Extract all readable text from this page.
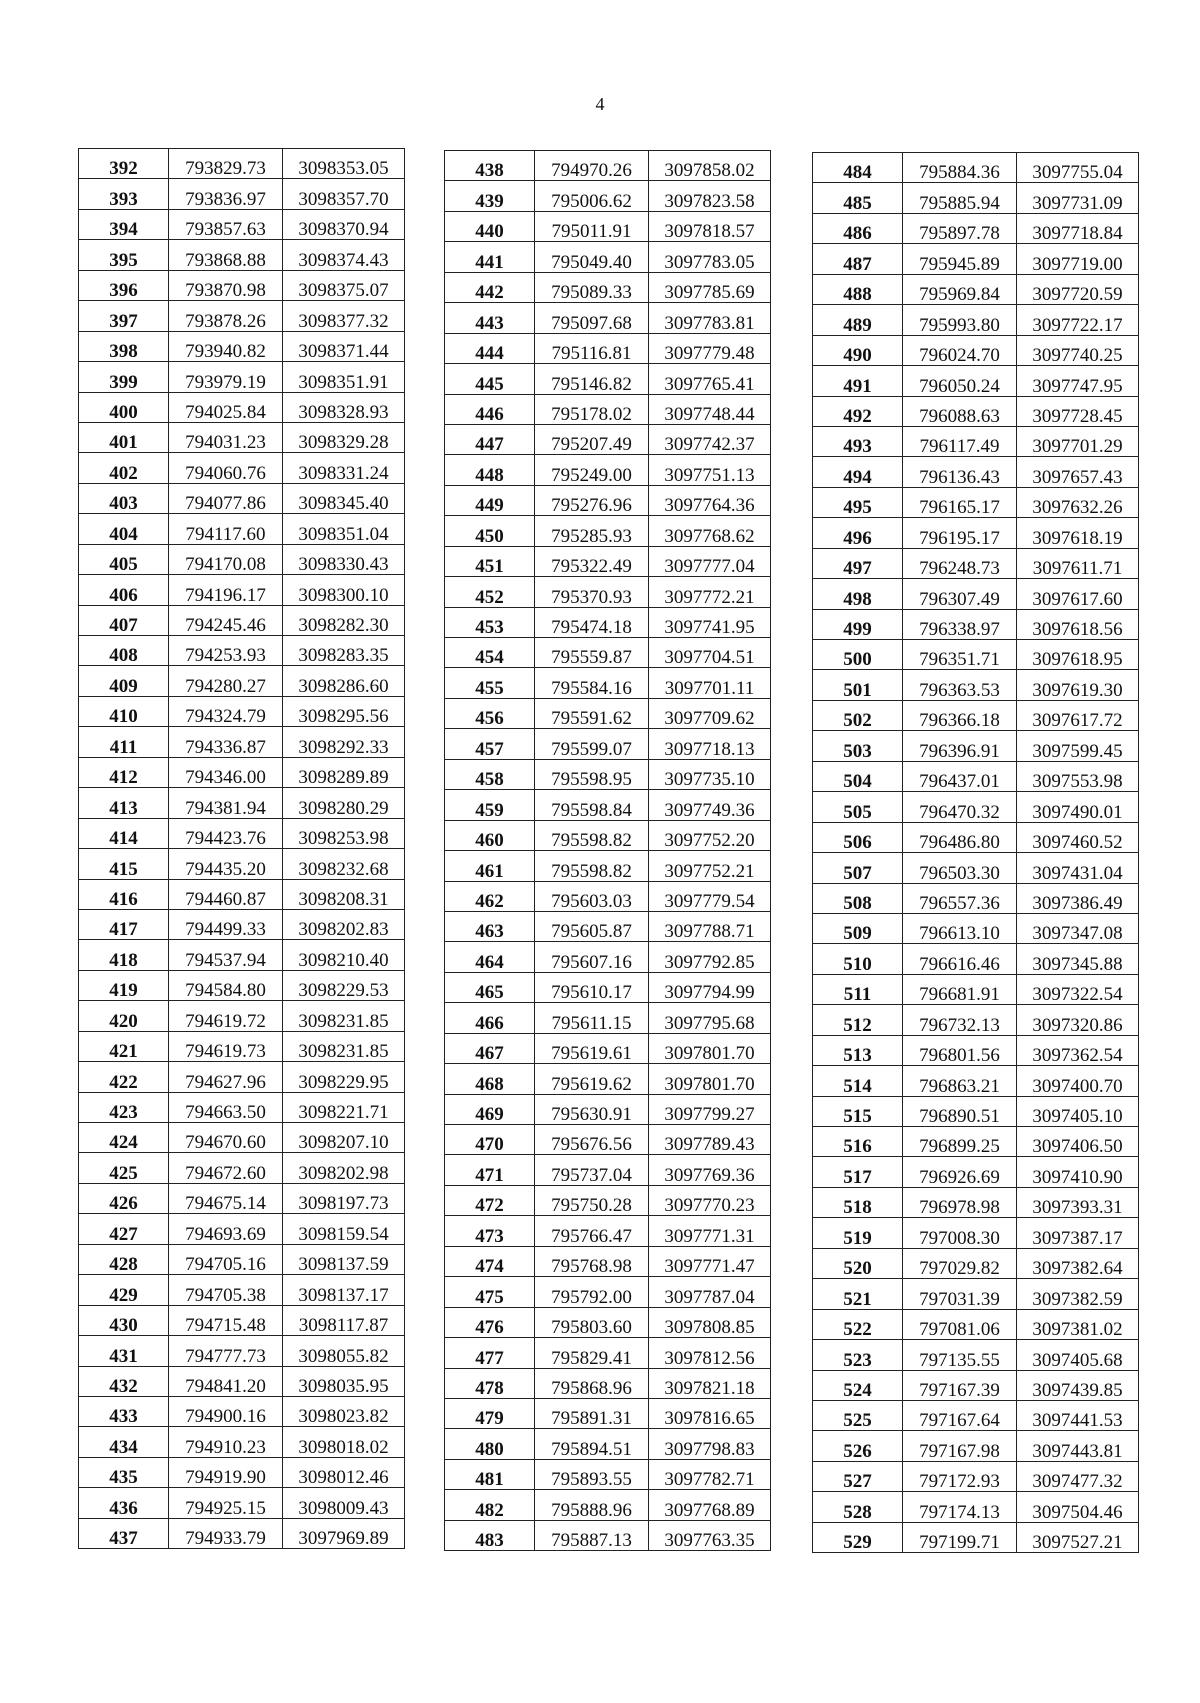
4
392	793829.73	3098353.05
393	793836.97	3098357.70
394	793857.63	3098370.94
395	793868.88	3098374.43
396	793870.98	3098375.07
397	793878.26	3098377.32
398	793940.82	3098371.44
399	793979.19	3098351.91
400	794025.84	3098328.93
401	794031.23	3098329.28
402	794060.76	3098331.24
403	794077.86	3098345.40
404	794117.60	3098351.04
405	794170.08	3098330.43
406	794196.17	3098300.10
407	794245.46	3098282.30
408	794253.93	3098283.35
409	794280.27	3098286.60
410	794324.79	3098295.56
411	794336.87	3098292.33
412	794346.00	3098289.89
413	794381.94	3098280.29
414	794423.76	3098253.98
415	794435.20	3098232.68
416	794460.87	3098208.31
417	794499.33	3098202.83
418	794537.94	3098210.40
419	794584.80	3098229.53
420	794619.72	3098231.85
421	794619.73	3098231.85
422	794627.96	3098229.95
423	794663.50	3098221.71
424	794670.60	3098207.10
425	794672.60	3098202.98
426	794675.14	3098197.73
427	794693.69	3098159.54
428	794705.16	3098137.59
429	794705.38	3098137.17
430	794715.48	3098117.87
431	794777.73	3098055.82
432	794841.20	3098035.95
433	794900.16	3098023.82
434	794910.23	3098018.02
435	794919.90	3098012.46
436	794925.15	3098009.43
437	794933.79	3097969.89
438	794970.26	3097858.02
439	795006.62	3097823.58
440	795011.91	3097818.57
441	795049.40	3097783.05
442	795089.33	3097785.69
443	795097.68	3097783.81
444	795116.81	3097779.48
445	795146.82	3097765.41
446	795178.02	3097748.44
447	795207.49	3097742.37
448	795249.00	3097751.13
449	795276.96	3097764.36
450	795285.93	3097768.62
451	795322.49	3097777.04
452	795370.93	3097772.21
453	795474.18	3097741.95
454	795559.87	3097704.51
455	795584.16	3097701.11
456	795591.62	3097709.62
457	795599.07	3097718.13
458	795598.95	3097735.10
459	795598.84	3097749.36
460	795598.82	3097752.20
461	795598.82	3097752.21
462	795603.03	3097779.54
463	795605.87	3097788.71
464	795607.16	3097792.85
465	795610.17	3097794.99
466	795611.15	3097795.68
467	795619.61	3097801.70
468	795619.62	3097801.70
469	795630.91	3097799.27
470	795676.56	3097789.43
471	795737.04	3097769.36
472	795750.28	3097770.23
473	795766.47	3097771.31
474	795768.98	3097771.47
475	795792.00	3097787.04
476	795803.60	3097808.85
477	795829.41	3097812.56
478	795868.96	3097821.18
479	795891.31	3097816.65
480	795894.51	3097798.83
481	795893.55	3097782.71
482	795888.96	3097768.89
483	795887.13	3097763.35
484	795884.36	3097755.04
485	795885.94	3097731.09
486	795897.78	3097718.84
487	795945.89	3097719.00
488	795969.84	3097720.59
489	795993.80	3097722.17
490	796024.70	3097740.25
491	796050.24	3097747.95
492	796088.63	3097728.45
493	796117.49	3097701.29
494	796136.43	3097657.43
495	796165.17	3097632.26
496	796195.17	3097618.19
497	796248.73	3097611.71
498	796307.49	3097617.60
499	796338.97	3097618.56
500	796351.71	3097618.95
501	796363.53	3097619.30
502	796366.18	3097617.72
503	796396.91	3097599.45
504	796437.01	3097553.98
505	796470.32	3097490.01
506	796486.80	3097460.52
507	796503.30	3097431.04
508	796557.36	3097386.49
509	796613.10	3097347.08
510	796616.46	3097345.88
511	796681.91	3097322.54
512	796732.13	3097320.86
513	796801.56	3097362.54
514	796863.21	3097400.70
515	796890.51	3097405.10
516	796899.25	3097406.50
517	796926.69	3097410.90
518	796978.98	3097393.31
519	797008.30	3097387.17
520	797029.82	3097382.64
521	797031.39	3097382.59
522	797081.06	3097381.02
523	797135.55	3097405.68
524	797167.39	3097439.85
525	797167.64	3097441.53
526	797167.98	3097443.81
527	797172.93	3097477.32
528	797174.13	3097504.46
529	797199.71	3097527.21
